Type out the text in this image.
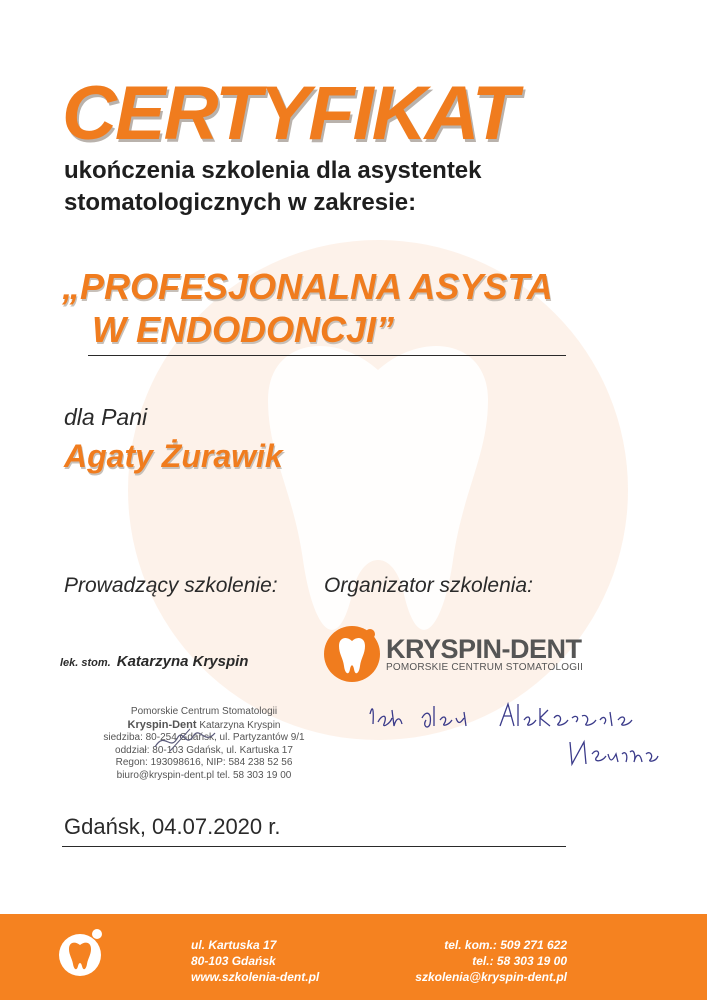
CERTYFIKAT
ukończenia szkolenia dla asystentek
stomatologicznych w zakresie:
„PROFESJONALNA ASYSTA
W ENDODONCJI”
dla Pani
Agaty Żurawik
Prowadzący szkolenie: Organizator szkolenia:
lek. stom. Katarzyna Kryspin	KRYSPIN-DENT
POMORSKIE CENTRUM STOMATOLOGII
Pomorskie Centrum Stomatologii
Kryspin-Dent Katarzyna Kryspin
siedziba: 80-254 Gdańsk, ul. Partyzantów 9/1
oddział: 80-103 Gdańsk, ul. Kartuska 17
Regon: 193098616, NIP: 584 238 52 56
biuro@kryspin-dent.pl tel. 58 303 19 00
Gdańsk, 04.07.2020 r.
ul. Kartuska 17
80-103 Gdańsk
www.szkolenia-dent.pl
tel. kom.: 509 271 622
tel.: 58 303 19 00
szkolenia@kryspin-dent.pl
